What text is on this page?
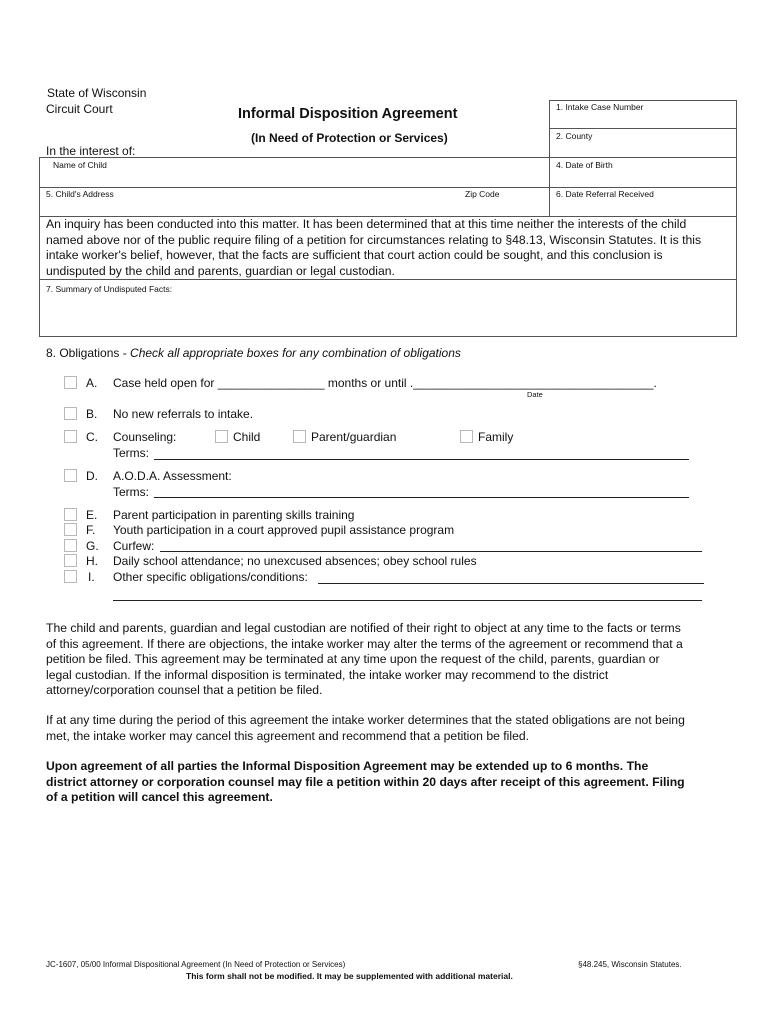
State of Wisconsin
Circuit Court	Informal Disposition Agreement
(In Need of Protection or Services)
In the interest of:
1. Intake Case Number
2. County
4. Date of Birth
Name of Child
5. Child's Address	Zip Code	6. Date Referral Received
An inquiry has been conducted into this matter. It has been determined that at this time neither the interests of the child
named above nor of the public require filing of a petition for circumstances relating to §48.13, Wisconsin Statutes. It is this
intake worker's belief, however, that the facts are sufficient that court action could be sought, and this conclusion is
undisputed by the child and parents, guardian or legal custodian.
7. Summary of Undisputed Facts:
8. Obligations - Check all appropriate boxes for any combination of obligations
A. Case held open for ________________ months or until .____________________________________.
Date
B. No new referrals to intake.
C. Counseling:	Child	Parent/guardian	Family
Terms:
D. A.O.D.A. Assessment:
Terms:
E. Parent participation in parenting skills training
F. Youth participation in a court approved pupil assistance program
G. Curfew:
H. Daily school attendance; no unexcused absences; obey school rules
I. Other specific obligations/conditions:
The child and parents, guardian and legal custodian are notified of their right to object at any time to the facts or terms
of this agreement. If there are objections, the intake worker may alter the terms of the agreement or recommend that a
petition be filed. This agreement may be terminated at any time upon the request of the child, parents, guardian or
legal custodian. If the informal disposition is terminated, the intake worker may recommend to the district
attorney/corporation counsel that a petition be filed.
If at any time during the period of this agreement the intake worker determines that the stated obligations are not being
met, the intake worker may cancel this agreement and recommend that a petition be filed.
Upon agreement of all parties the Informal Disposition Agreement may be extended up to 6 months. The
district attorney or corporation counsel may file a petition within 20 days after receipt of this agreement. Filing
of a petition will cancel this agreement.
JC-1607, 05/00 Informal Dispositional Agreement (In Need of Protection or Services)	§48.245, Wisconsin Statutes.
This form shall not be modified. It may be supplemented with additional material.
